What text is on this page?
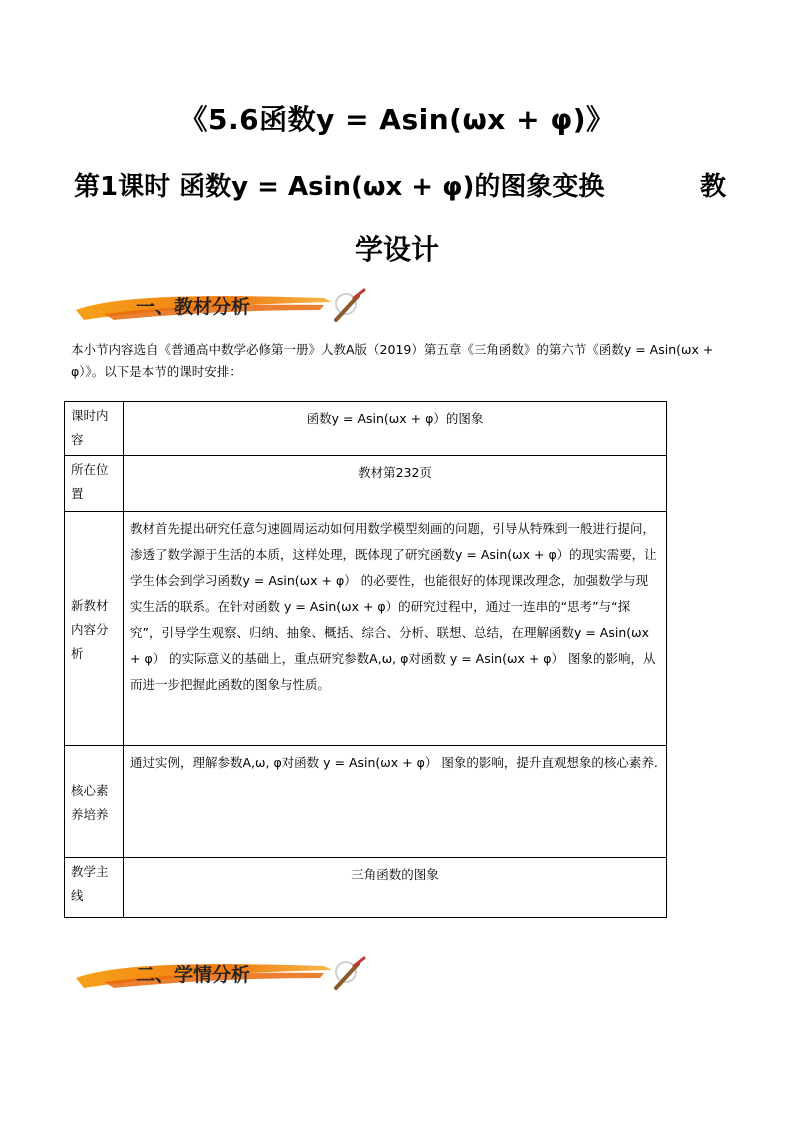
《5.6函数y = Asin(ωx + φ)》
第1课时 函数y = Asin(ωx + φ)的图象变换	教
学设计
一、教材分析
本小节内容选自《普通高中数学必修第一册》人教A版（2019）第五章《三角函数》的第六节《函数y = Asin(ωx + φ）》。以下是本节的课时安排：
课时内容	函数y = Asin(ωx + φ）的图象
所在位置	教材第232页
新教材内容分析	教材首先提出研究任意匀速圆周运动如何用数学模型刻画的问题，引导从特殊到一般进行提问，渗透了数学源于生活的本质，这样处理，既体现了研究函数y = Asin(ωx + φ）的现实需要，让学生体会到学习函数y = Asin(ωx + φ） 的必要性，也能很好的体现课改理念，加强数学与现实生活的联系。在针对函数 y = Asin(ωx + φ）的研究过程中，通过一连串的“思考”与“探究”，引导学生观察、归纳、抽象、概括、综合、分析、联想、总结，在理解函数y = Asin(ωx + φ） 的实际意义的基础上，重点研究参数A,ω, φ对函数 y = Asin(ωx + φ） 图象的影响，从而进一步把握此函数的图象与性质。
核心素养培养	通过实例，理解参数A,ω, φ对函数 y = Asin(ωx + φ） 图象的影响，提升直观想象的核心素养.
教学主线	三角函数的图象
二、学情分析
